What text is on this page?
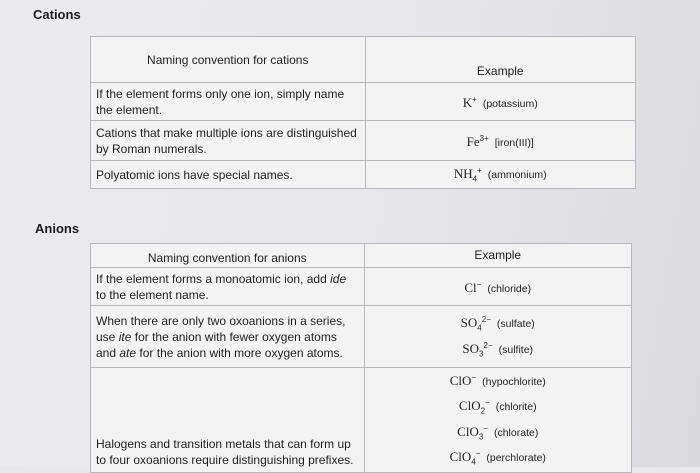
Cations
Naming convention for cations	Example
If the element forms only one ion, simply name the element.	K+ (potassium)
Cations that make multiple ions are distinguished by Roman numerals.	$Fe^{3+}$ [iron(III)]
Polyatomic ions have special names.	$NH_4^+$ (ammonium)
Anions
Naming convention for anions	Example
If the element forms a monoatomic ion, add ide to the element name.	Cl− (chloride)
When there are only two oxoanions in a series, use ite for the anion with fewer oxygen atoms and ate for the anion with more oxygen atoms.	$SO_4^{2-}$ (sulfate)
$SO_3^{2-}$ (sulfite)

Halogens and transition metals that can form up to four oxoanions require distinguishing prefixes.	ClO− (hypochlorite)
ClO$_2$− (chlorite)
ClO$_3$− (chlorate)
ClO$_4$− (perchlorate)
